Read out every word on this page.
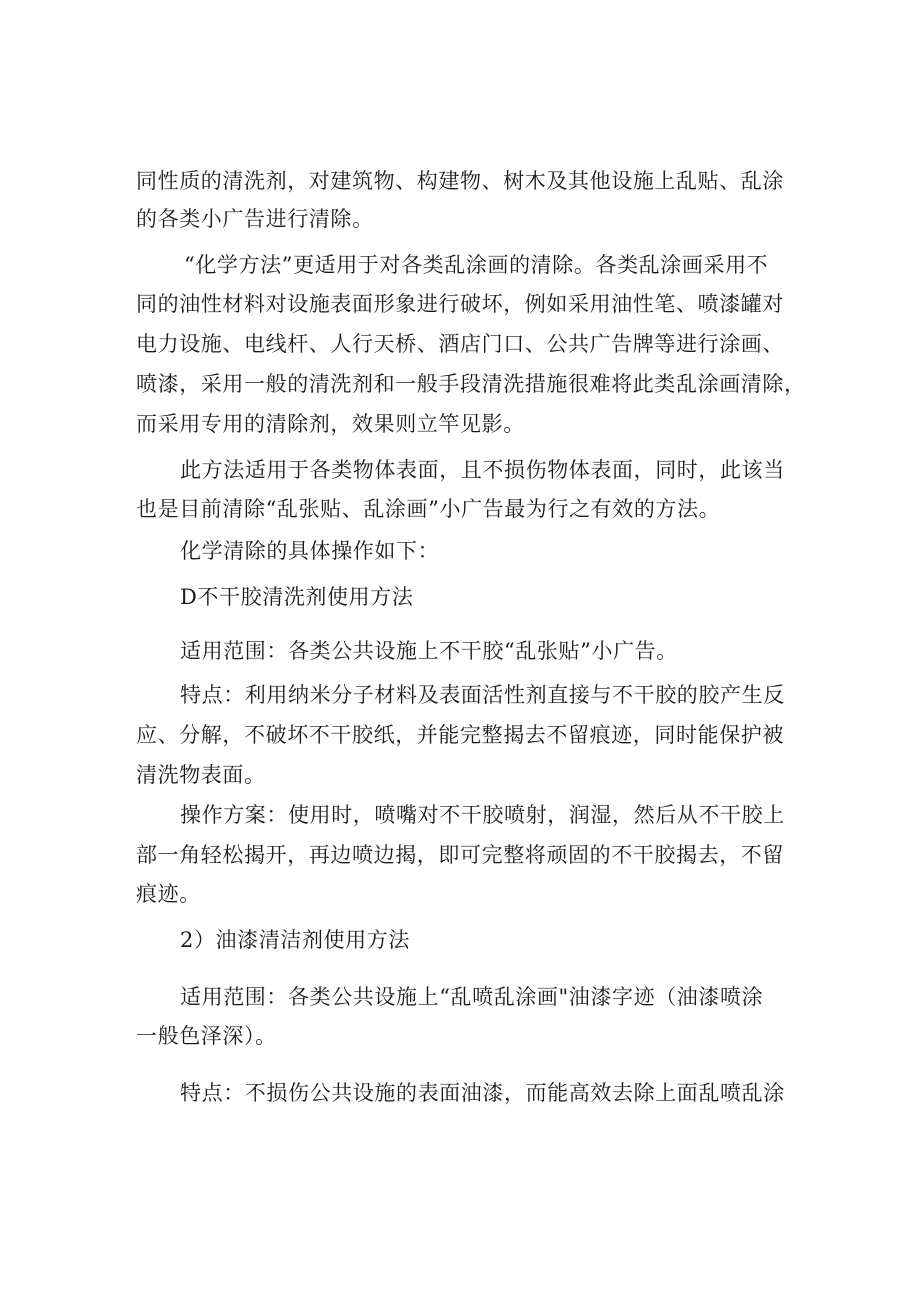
同性质的清洗剂，对建筑物、构建物、树木及其他设施上乱贴、乱涂
的各类小广告进行清除。
“化学方法”更适用于对各类乱涂画的清除。各类乱涂画采用不
同的油性材料对设施表面形象进行破坏，例如采用油性笔、喷漆罐对
电力设施、电线杆、人行天桥、酒店门口、公共广告牌等进行涂画、
喷漆，采用一般的清洗剂和一般手段清洗措施很难将此类乱涂画清除，
而采用专用的清除剂，效果则立竿见影。
此方法适用于各类物体表面，且不损伤物体表面，同时，此该当
也是目前清除“乱张贴、乱涂画”小广告最为行之有效的方法。
化学清除的具体操作如下：
D不干胶清洗剂使用方法
适用范围：各类公共设施上不干胶“乱张贴”小广告。
特点：利用纳米分子材料及表面活性剂直接与不干胶的胶产生反
应、分解，不破坏不干胶纸，并能完整揭去不留痕迹，同时能保护被
清洗物表面。
操作方案：使用时，喷嘴对不干胶喷射，润湿，然后从不干胶上
部一角轻松揭开，再边喷边揭，即可完整将顽固的不干胶揭去，不留
痕迹。
2）油漆清洁剂使用方法
适用范围：各类公共设施上“乱喷乱涂画"油漆字迹（油漆喷涂
一般色泽深）。
特点：不损伤公共设施的表面油漆，而能高效去除上面乱喷乱涂
